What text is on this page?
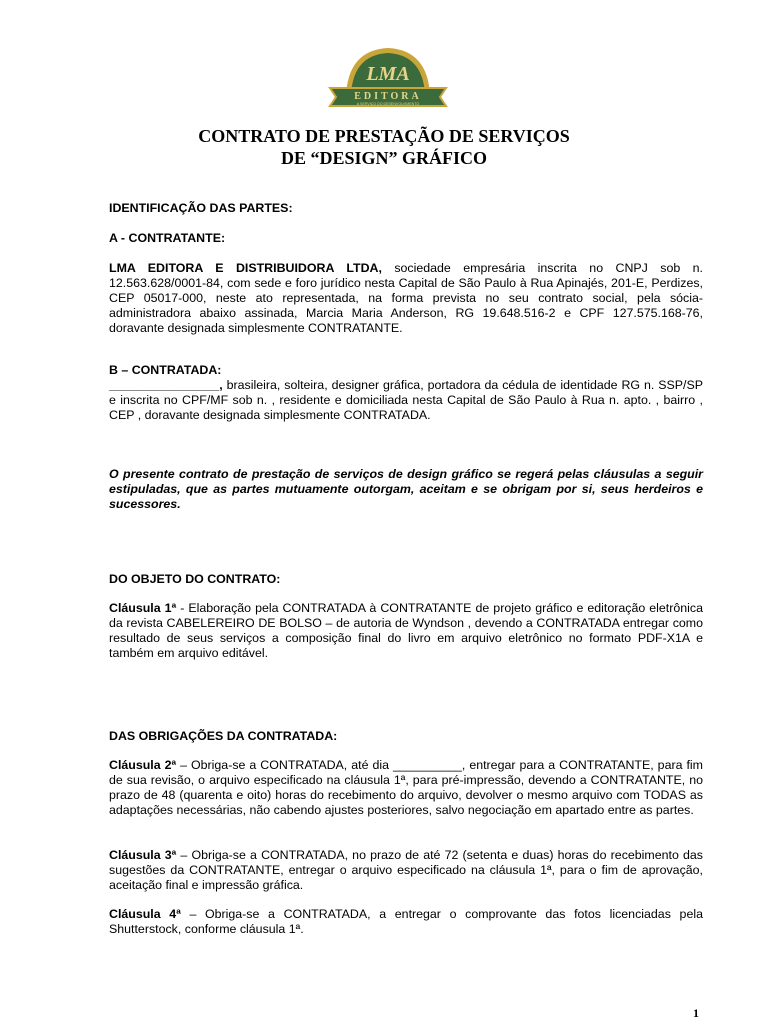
LMA
EDITORA
A SERVIÇO DO DESENVOLVIMENTO
CONTRATO DE PRESTAÇÃO DE SERVIÇOS
DE “DESIGN” GRÁFICO
IDENTIFICAÇÃO DAS PARTES:
A - CONTRATANTE:
LMA EDITORA E DISTRIBUIDORA LTDA, sociedade empresária inscrita no CNPJ sob n. 12.563.628/0001-84, com sede e foro jurídico nesta Capital de São Paulo à Rua Apinajés, 201-E, Perdizes, CEP 05017-000, neste ato representada, na forma prevista no seu contrato social, pela sócia-administradora abaixo assinada, Marcia Maria Anderson, RG 19.648.516-2 e CPF 127.575.168-76, doravante designada simplesmente CONTRATANTE.
B – CONTRATADA:
________________, brasileira, solteira, designer gráfica, portadora da cédula de identidade RG n. SSP/SP e inscrita no CPF/MF sob n. , residente e domiciliada nesta Capital de São Paulo à Rua n. apto. , bairro , CEP , doravante designada simplesmente CONTRATADA.
O presente contrato de prestação de serviços de design gráfico se regerá pelas cláusulas a seguir estipuladas, que as partes mutuamente outorgam, aceitam e se obrigam por si, seus herdeiros e sucessores.
DO OBJETO DO CONTRATO:
Cláusula 1ª - Elaboração pela CONTRATADA à CONTRATANTE de projeto gráfico e editoração eletrônica da revista CABELEREIRO DE BOLSO – de autoria de Wyndson , devendo a CONTRATADA entregar como resultado de seus serviços a composição final do livro em arquivo eletrônico no formato PDF-X1A e também em arquivo editável.
DAS OBRIGAÇÕES DA CONTRATADA:
Cláusula 2ª – Obriga-se a CONTRATADA, até dia __________, entregar para a CONTRATANTE, para fim de sua revisão, o arquivo especificado na cláusula 1ª, para pré-impressão, devendo a CONTRATANTE, no prazo de 48 (quarenta e oito) horas do recebimento do arquivo, devolver o mesmo arquivo com TODAS as adaptações necessárias, não cabendo ajustes posteriores, salvo negociação em apartado entre as partes.
Cláusula 3ª – Obriga-se a CONTRATADA, no prazo de até 72 (setenta e duas) horas do recebimento das sugestões da CONTRATANTE, entregar o arquivo especificado na cláusula 1ª, para o fim de aprovação, aceitação final e impressão gráfica.
Cláusula 4ª – Obriga-se a CONTRATADA, a entregar o comprovante das fotos licenciadas pela Shutterstock, conforme cláusula 1ª.
1
